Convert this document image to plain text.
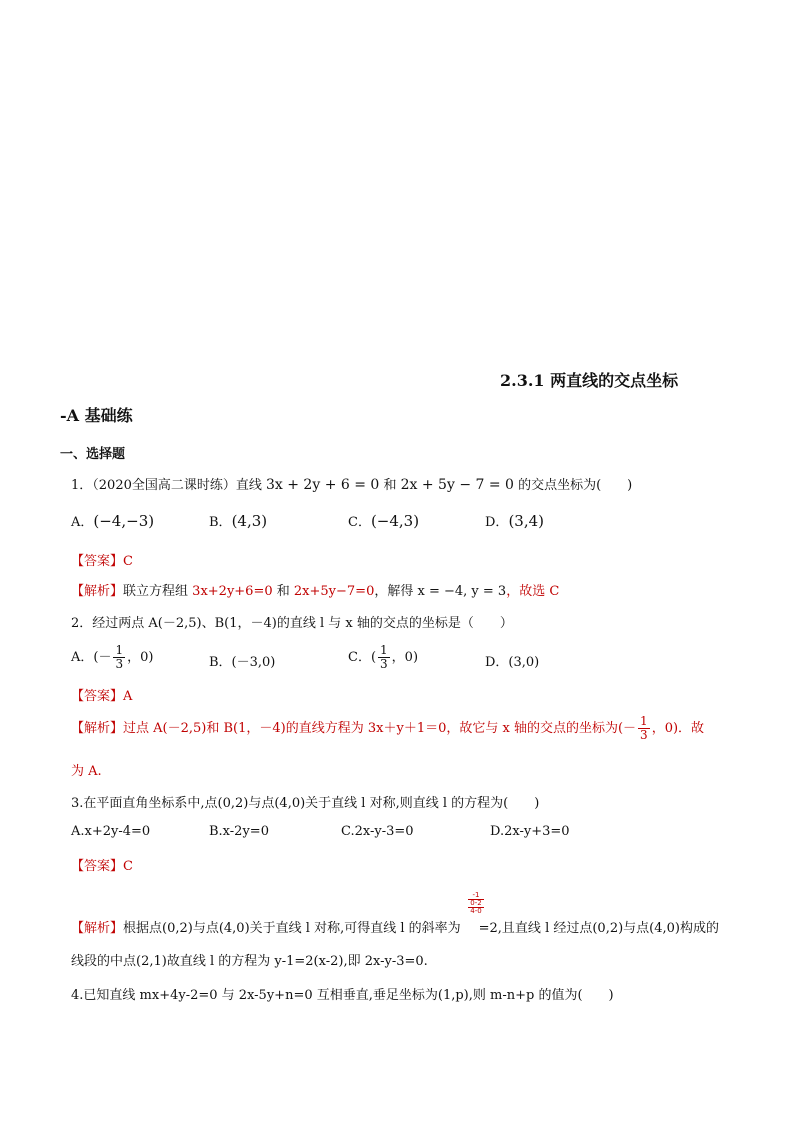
2.3.1 两直线的交点坐标
-A 基础练
一、选择题
1．（2020全国高二课时练）直线 3x + 2y + 6 = 0 和 2x + 5y − 7 = 0 的交点坐标为(　　)
A．(−4,−3)	B．(4,3)	C．(−4,3)	D．(3,4)
【答案】C
【解析】联立方程组 3x+2y+6=0 和 2x+5y−7=0，解得 x = −4, y = 3，故选 C
2．经过两点 A(－2,5)、B(1，－4)的直线 l 与 x 轴的交点的坐标是（　　）
A．(－ $\frac{1}{3}$ ，0)	B．(－3,0)	C．( $\frac{1}{3}$ ，0)	D．(3,0)
【答案】A
【解析】过点 A(－2,5)和 B(1，－4)的直线方程为 3x＋y＋1＝0，故它与 x 轴的交点的坐标为(－ $\frac{1}{3}$ ，0)．故
为 A.
3.在平面直角坐标系中,点(0,2)与点(4,0)关于直线 l 对称,则直线 l 的方程为(　　)
A.x+2y-4=0	B.x-2y=0	C.2x-y-3=0	D.2x-y+3=0
【答案】C
-1
0-2
4-0
【解析】根据点(0,2)与点(4,0)关于直线 l 对称,可得直线 l 的斜率为 =2,且直线 l 经过点(0,2)与点(4,0)构成的
线段的中点(2,1)故直线 l 的方程为 y-1=2(x-2),即 2x-y-3=0.
4.已知直线 mx+4y-2=0 与 2x-5y+n=0 互相垂直,垂足坐标为(1,p),则 m-n+p 的值为(　　)
